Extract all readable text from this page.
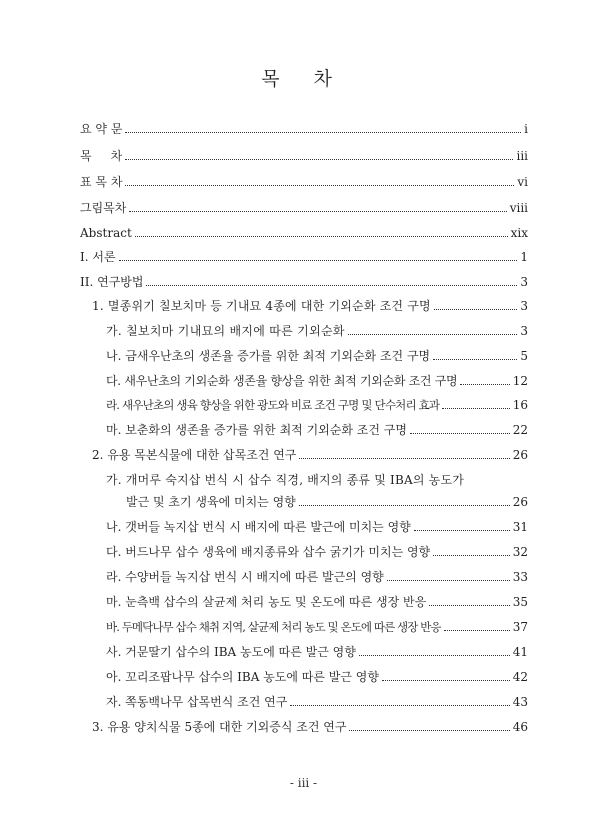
목 차
요 약 문	i
목     차	iii
표 목 차	vi
그림목차	viii
Abstract	xix
I. 서론	1
II. 연구방법	3
1. 멸종위기 칠보치마 등 기내묘 4종에 대한 기외순화 조건 구명	3
가. 칠보치마 기내묘의 배지에 따른 기외순화	3
나. 금새우난초의 생존율 증가를 위한 최적 기외순화 조건 구명	5
다. 새우난초의 기외순화 생존율 향상을 위한 최적 기외순화 조건 구명	12
라. 새우난초의 생육 향상을 위한 광도와 비료 조건 구명 및 단수처리 효과	16
마. 보춘화의 생존율 증가를 위한 최적 기외순화 조건 구명	22
2. 유용 목본식물에 대한 삽목조건 연구	26
가. 개머루 숙지삽 번식 시 삽수 직경, 배지의 종류 및 IBA의 농도가
발근 및 초기 생육에 미치는 영향	26
나. 갯버들 녹지삽 번식 시 배지에 따른 발근에 미치는 영향	31
다. 버드나무 삽수 생육에 배지종류와 삽수 굵기가 미치는 영향	32
라. 수양버들 녹지삽 번식 시 배지에 따른 발근의 영향	33
마. 눈측백 삽수의 살균제 처리 농도 및 온도에 따른 생장 반응	35
바. 두메닥나무 삽수 채취 지역, 살균제 처리 농도 및 온도에 따른 생장 반응	37
사. 거문딸기 삽수의 IBA 농도에 따른 발근 영향	41
아. 꼬리조팝나무 삽수의 IBA 농도에 따른 발근 영향	42
자. 쪽동백나무 삽목번식 조건 연구	43
3. 유용 양치식물 5종에 대한 기외증식 조건 연구	46
- iii -
